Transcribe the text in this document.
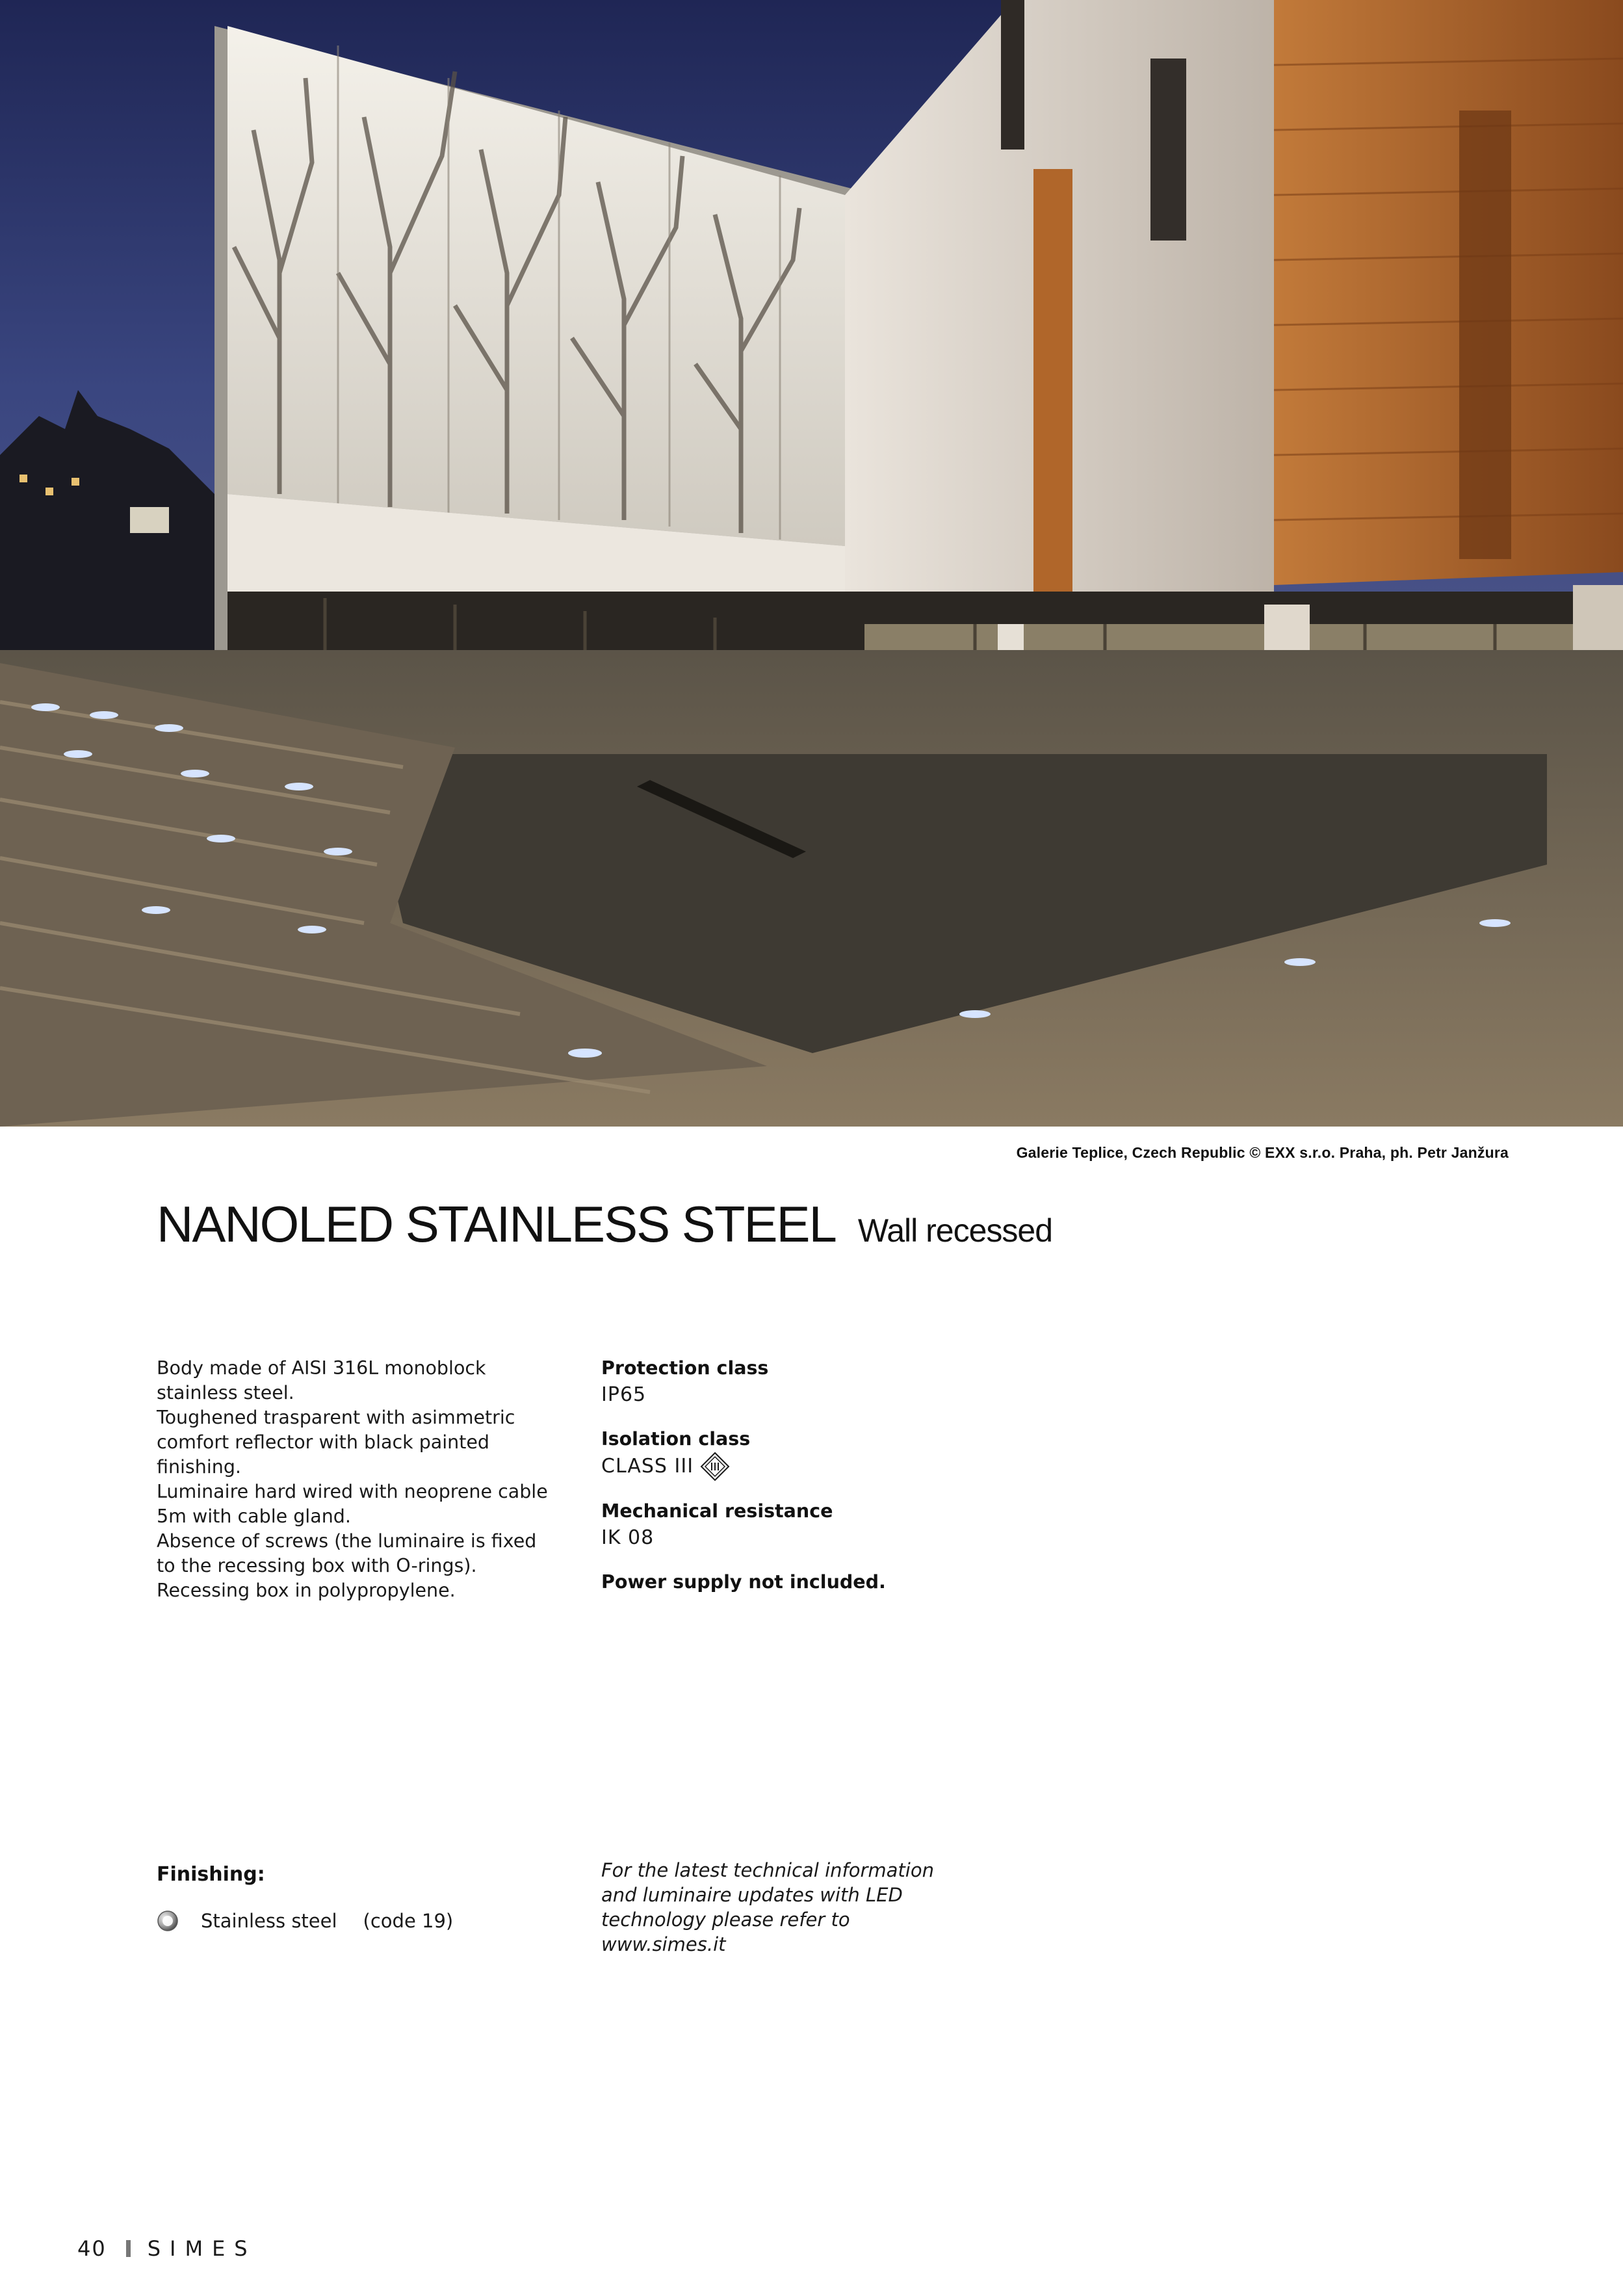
Galerie Teplice, Czech Republic © EXX s.r.o. Praha, ph. Petr Janžura
NANOLED STAINLESS STEEL Wall recessed

Body made of AISI 316L monoblock stainless steel.

Toughened trasparent with asimmetric comfort reflector with black painted finishing.

Luminaire hard wired with neoprene cable 5m with cable gland.

Absence of screws (the luminaire is fixed to the recessing box with O-rings).

Recessing box in polypropylene.

Protection class
IP65
Isolation class
CLASS III
Mechanical resistance
IK 08
Power supply not included.
Finishing:
Stainless steel (code 19)
For the latest technical information and luminaire updates with LED technology please refer to www.simes.it
40 SIMES
